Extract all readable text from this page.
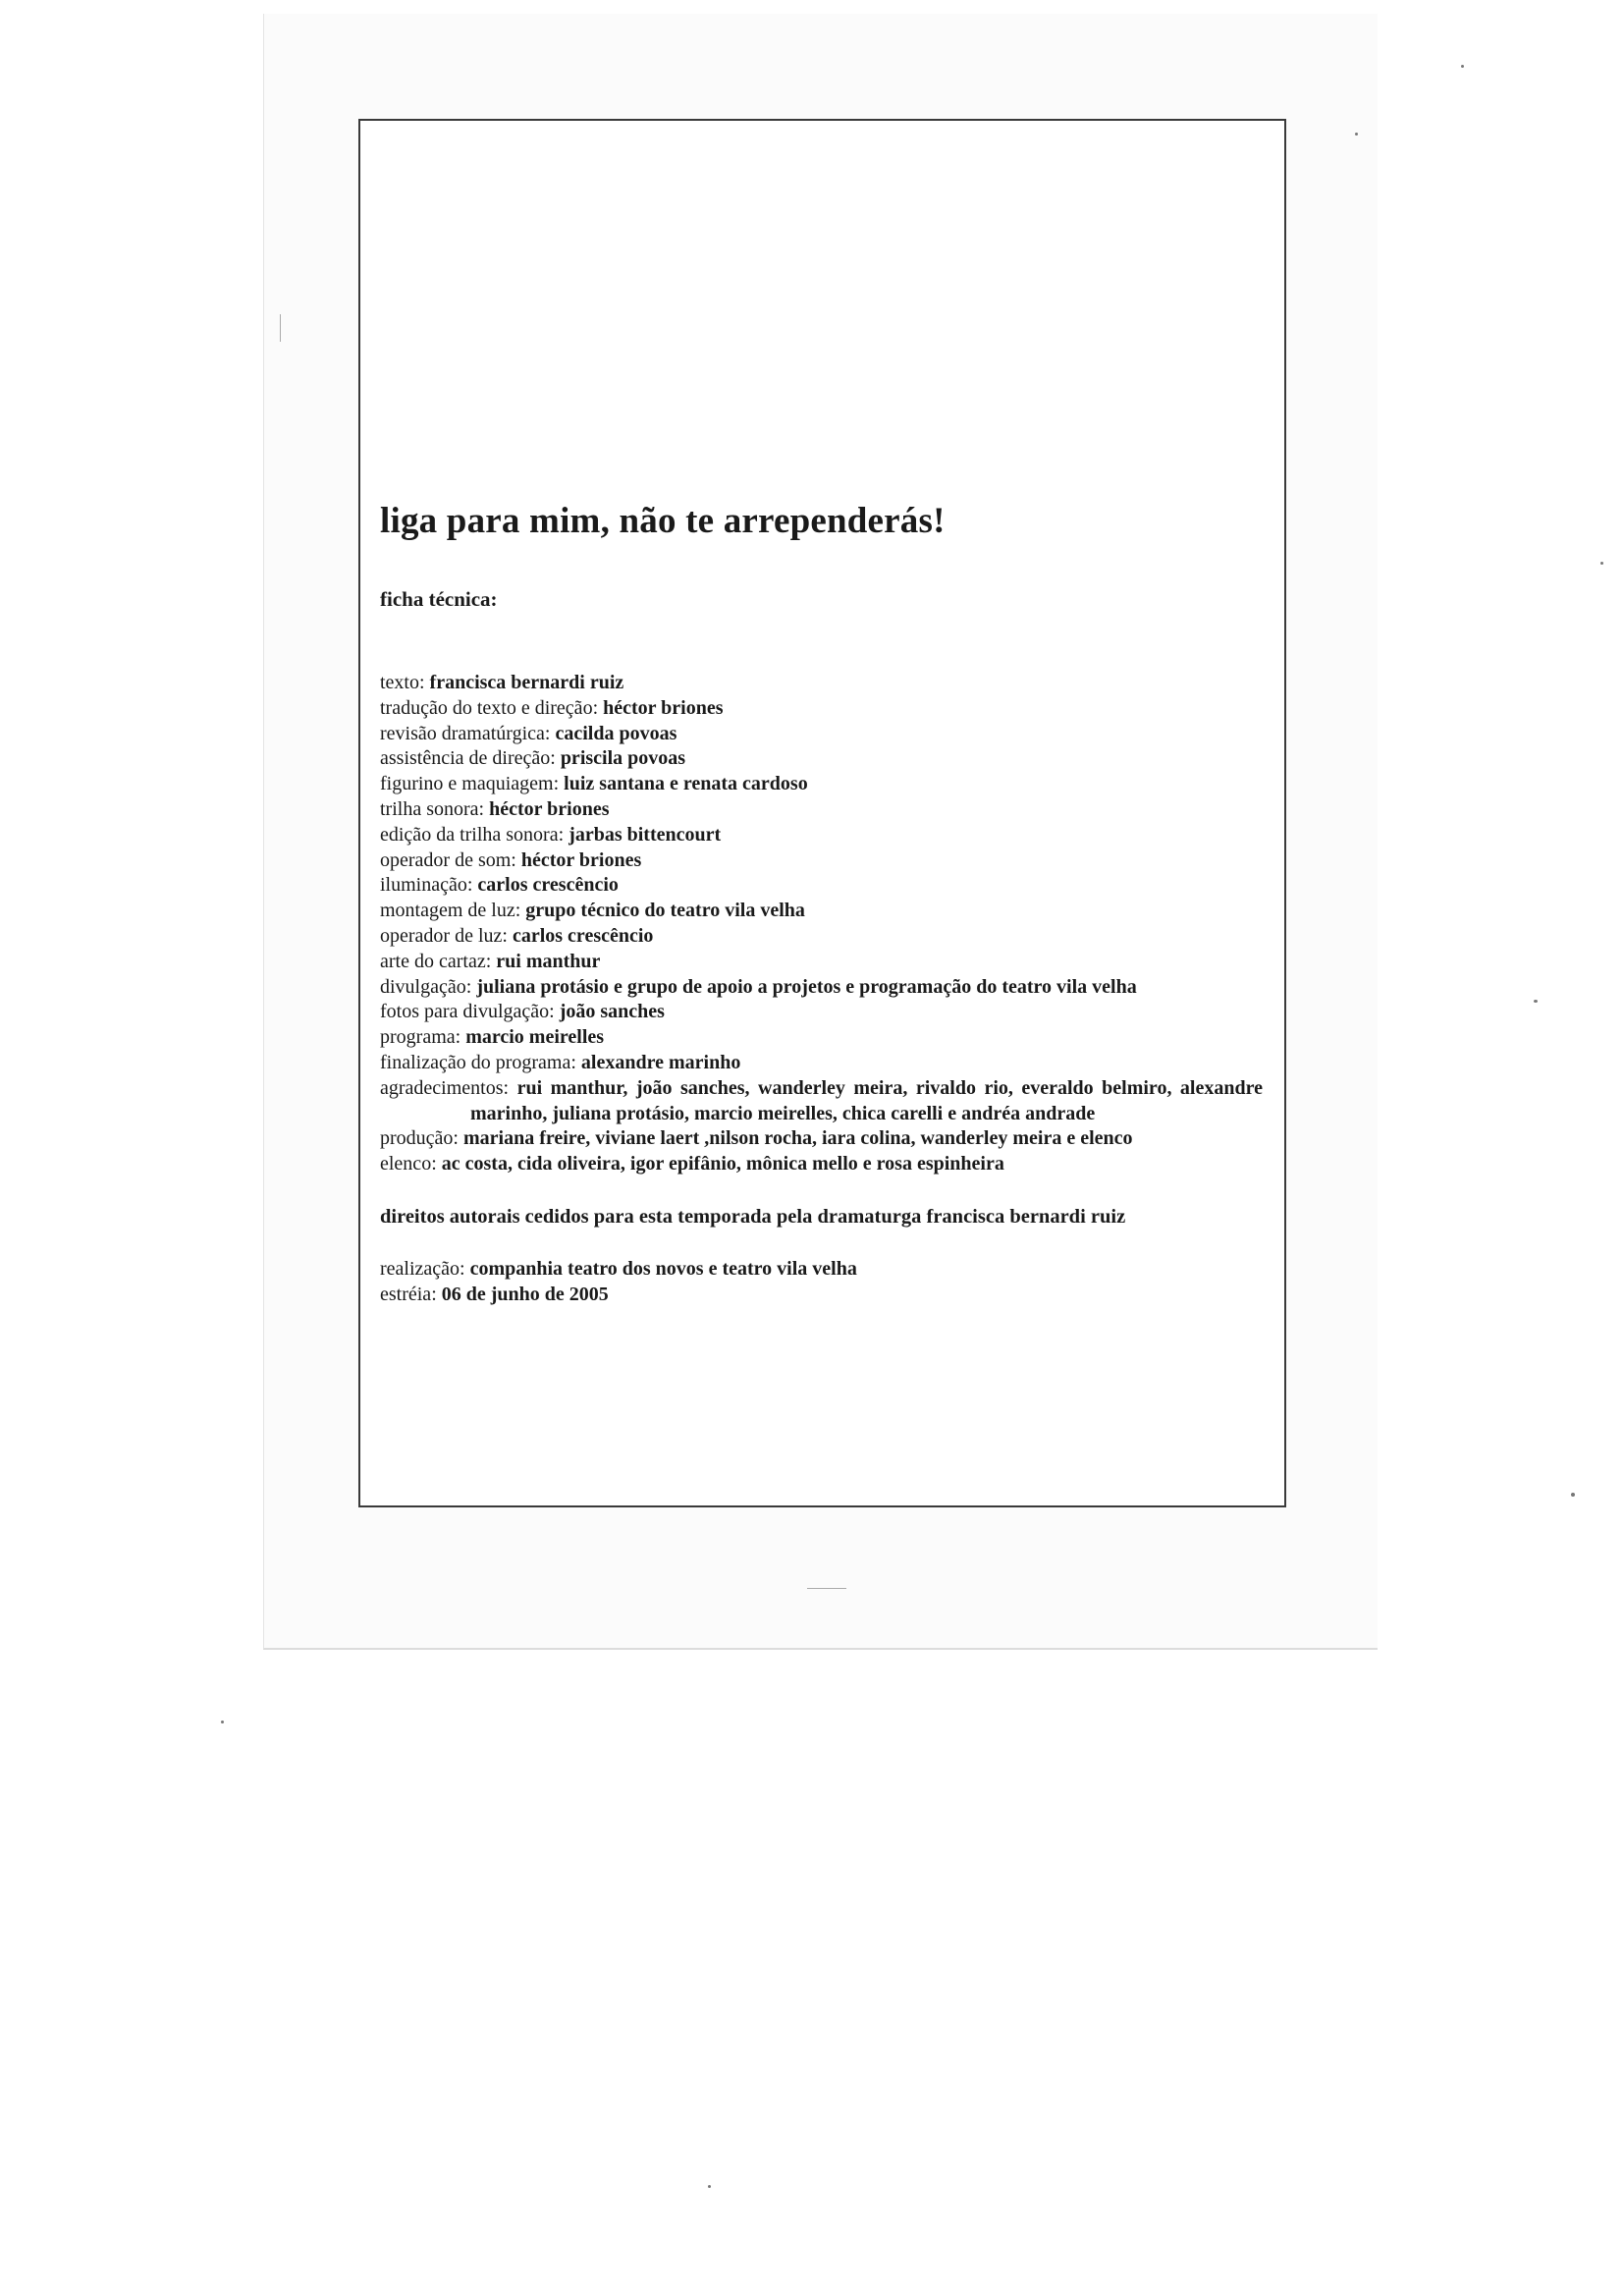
liga para mim, não te arrependerás!

ficha técnica:

texto: francisca bernardi ruiz

tradução do texto e direção: héctor briones

revisão dramatúrgica: cacilda povoas

assistência de direção: priscila povoas

figurino e maquiagem: luiz santana e renata cardoso

trilha sonora: héctor briones

edição da trilha sonora: jarbas bittencourt

operador de som: héctor briones

iluminação: carlos crescêncio

montagem de luz: grupo técnico do teatro vila velha

operador de luz: carlos crescêncio

arte do cartaz: rui manthur

divulgação: juliana protásio e grupo de apoio a projetos e programação do teatro vila velha

fotos para divulgação: joão sanches

programa: marcio meirelles

finalização do programa: alexandre marinho

agradecimentos: rui manthur, joão sanches, wanderley meira, rivaldo rio, everaldo belmiro, alexandre marinho, juliana protásio, marcio meirelles, chica carelli e andréa andrade

produção: mariana freire, viviane laert ,nilson rocha, iara colina, wanderley meira e elenco

elenco: ac costa, cida oliveira, igor epifânio, mônica mello e rosa espinheira

direitos autorais cedidos para esta temporada pela dramaturga francisca bernardi ruiz

realização: companhia teatro dos novos e teatro vila velha

estréia: 06 de junho de 2005
